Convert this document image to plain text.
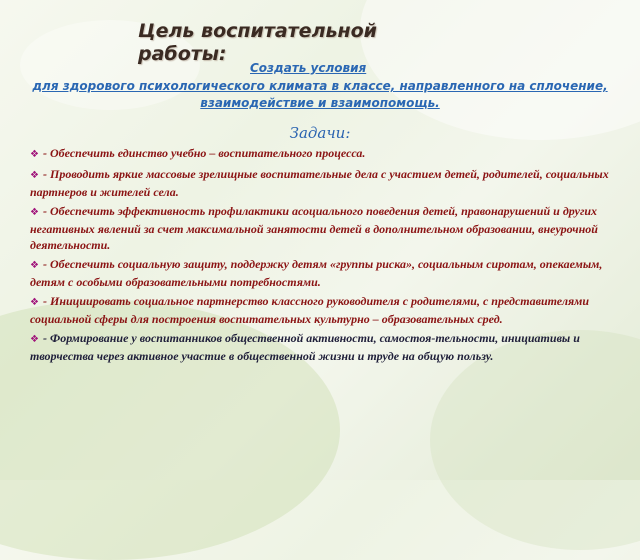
Цель воспитательной работы:
Создать условия
для здорового психологического климата в классе, направленного на сплочение, взаимодействие и взаимопомощь.
Задачи:
❖ - Обеспечить единство учебно – воспитательного процесса.
❖ - Проводить яркие массовые зрелищные воспитательные дела с участием детей, родителей, социальных партнеров и жителей села.
❖ - Обеспечить эффективность профилактики асоциального поведения детей, правонарушений и других негативных явлений за счет максимальной занятости детей в дополнительном образовании, внеурочной деятельности.
❖ - Обеспечить социальную защиту, поддержку детям «группы риска», социальным сиротам, опекаемым, детям с особыми образовательными потребностями.
❖ - Инициировать социальное партнерство классного руководителя с родителями, с представителями социальной сферы для построения воспитательных культурно – образовательных сред.
❖ - Формирование у воспитанников общественной активности, самостоя-тельности, инициативы и творчества через активное участие в общественной жизни и труде на общую пользу.
